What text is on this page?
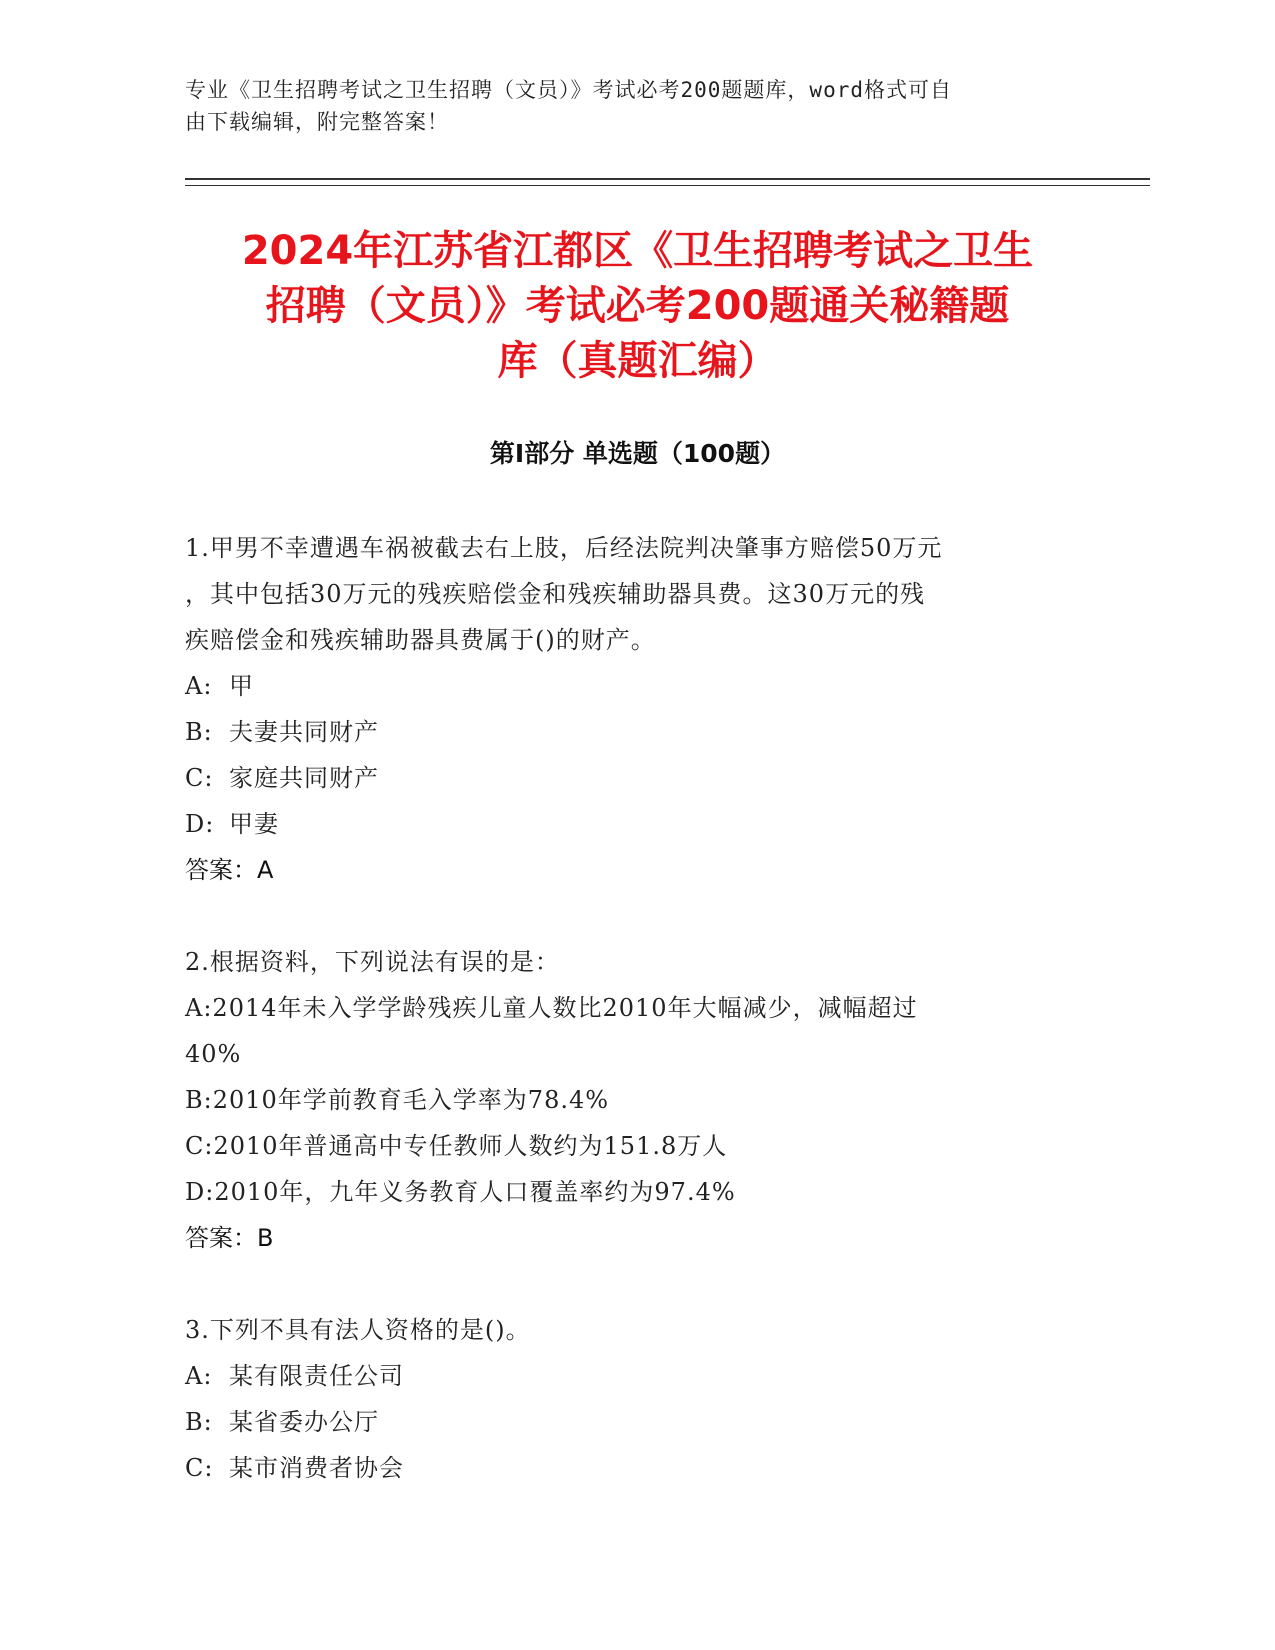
专业《卫生招聘考试之卫生招聘（文员）》考试必考200题题库，word格式可自
由下载编辑，附完整答案！
2024年江苏省江都区《卫生招聘考试之卫生
招聘（文员）》考试必考200题通关秘籍题
库（真题汇编）
第Ⅰ部分 单选题（100题）
1.甲男不幸遭遇车祸被截去右上肢，后经法院判决肇事方赔偿50万元
，其中包括30万元的残疾赔偿金和残疾辅助器具费。这30万元的残
疾赔偿金和残疾辅助器具费属于()的财产。
A: 甲
B: 夫妻共同财产
C: 家庭共同财产
D: 甲妻
答案：A
2.根据资料，下列说法有误的是：
A:2014年未入学学龄残疾儿童人数比2010年大幅减少，减幅超过
40%
B:2010年学前教育毛入学率为78.4%
C:2010年普通高中专任教师人数约为151.8万人
D:2010年，九年义务教育人口覆盖率约为97.4%
答案：B
3.下列不具有法人资格的是()。
A: 某有限责任公司
B: 某省委办公厅
C: 某市消费者协会
